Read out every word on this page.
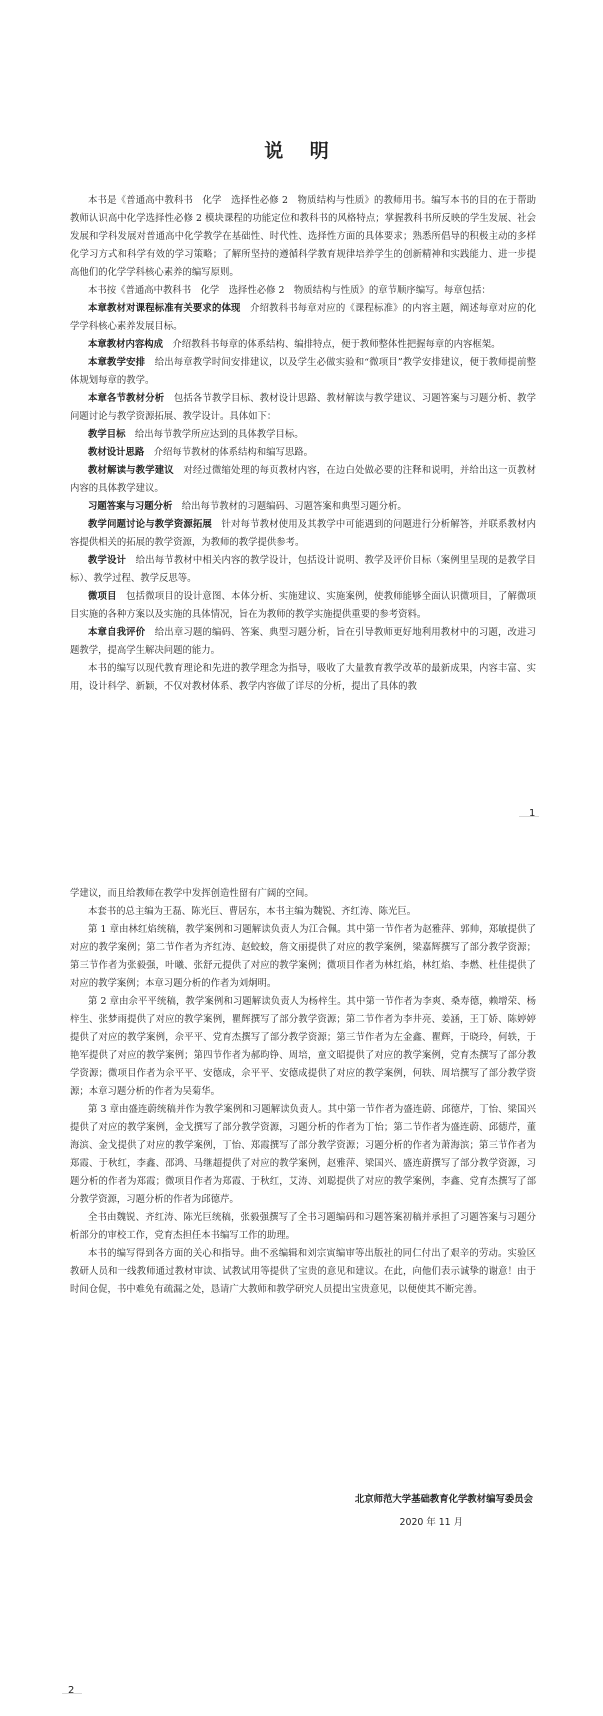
说 明

本书是《普通高中教科书　化学　选择性必修 2　物质结构与性质》的教师用书。编写本书的目的在于帮助教师认识高中化学选择性必修 2 模块课程的功能定位和教科书的风格特点；掌握教科书所反映的学生发展、社会发展和学科发展对普通高中化学教学在基础性、时代性、选择性方面的具体要求；熟悉所倡导的积极主动的多样化学习方式和科学有效的学习策略；了解所坚持的遵循科学教育规律培养学生的创新精神和实践能力、进一步提高他们的化学学科核心素养的编写原则。

本书按《普通高中教科书　化学　选择性必修 2　物质结构与性质》的章节顺序编写。每章包括：

本章教材对课程标准有关要求的体现　介绍教科书每章对应的《课程标准》的内容主题，阐述每章对应的化学学科核心素养发展目标。

本章教材内容构成　介绍教科书每章的体系结构、编排特点，便于教师整体性把握每章的内容框架。

本章教学安排　给出每章教学时间安排建议，以及学生必做实验和“微项目”教学安排建议，便于教师提前整体规划每章的教学。

本章各节教材分析　包括各节教学目标、教材设计思路、教材解读与教学建议、习题答案与习题分析、教学问题讨论与教学资源拓展、教学设计。具体如下：

教学目标　给出每节教学所应达到的具体教学目标。

教材设计思路　介绍每节教材的体系结构和编写思路。

教材解读与教学建议　对经过微缩处理的每页教材内容，在边白处做必要的注释和说明，并给出这一页教材内容的具体教学建议。

习题答案与习题分析　给出每节教材的习题编码、习题答案和典型习题分析。

教学问题讨论与教学资源拓展　针对每节教材使用及其教学中可能遇到的问题进行分析解答，并联系教材内容提供相关的拓展的教学资源，为教师的教学提供参考。

教学设计　给出每节教材中相关内容的教学设计，包括设计说明、教学及评价目标（案例里呈现的是教学目标）、教学过程、教学反思等。

微项目　包括微项目的设计意图、本体分析、实施建议、实施案例，使教师能够全面认识微项目，了解微项目实施的各种方案以及实施的具体情况，旨在为教师的教学实施提供重要的参考资料。

本章自我评价　给出章习题的编码、答案、典型习题分析，旨在引导教师更好地利用教材中的习题，改进习题教学，提高学生解决问题的能力。

本书的编写以现代教育理论和先进的教学理念为指导，吸收了大量教育教学改革的最新成果，内容丰富、实用，设计科学、新颖，不仅对教材体系、教学内容做了详尽的分析，提出了具体的教

1

学建议，而且给教师在教学中发挥创造性留有广阔的空间。

本套书的总主编为王磊、陈光巨、曹居东，本书主编为魏锐、齐红涛、陈光巨。

第 1 章由林红焰统稿，教学案例和习题解读负责人为江合佩。其中第一节作者为赵雅萍、郭帅，郑敏提供了对应的教学案例；第二节作者为齐红涛、赵蛟蛟，詹文丽提供了对应的教学案例，梁嘉辉撰写了部分教学资源；第三节作者为张毅强，叶曦、张舒元提供了对应的教学案例；微项目作者为林红焰，林红焰、李燃、杜佳提供了对应的教学案例；本章习题分析的作者为刘炯明。

第 2 章由佘平平统稿，教学案例和习题解读负责人为杨梓生。其中第一节作者为李爽、桑寿德，赖增荣、杨梓生、张梦雨提供了对应的教学案例，瞿辉撰写了部分教学资源；第二节作者为李井亮、姜涵，王丁娇、陈婷婷提供了对应的教学案例，佘平平、党育杰撰写了部分教学资源；第三节作者为左金鑫、瞿辉，于晓玲，何轶，于艳军提供了对应的教学案例；第四节作者为郝昀铮、周培，童文昭提供了对应的教学案例，党育杰撰写了部分教学资源；微项目作者为佘平平、安德成，佘平平、安德成提供了对应的教学案例，何轶、周培撰写了部分教学资源；本章习题分析的作者为吴菊华。

第 3 章由盛连蔚统稿并作为教学案例和习题解读负责人。其中第一节作者为盛连蔚、邱德芹，丁怡、梁国兴提供了对应的教学案例，金戈撰写了部分教学资源，习题分析的作者为丁怡；第二节作者为盛连蔚、邱德芹，董海滨、金戈提供了对应的教学案例，丁怡、郑霞撰写了部分教学资源；习题分析的作者为萧海滨；第三节作者为郑霞、于秋红，李鑫、邵鸿、马继超提供了对应的教学案例，赵雅萍、梁国兴、盛连蔚撰写了部分教学资源，习题分析的作者为郑霞；微项目作者为郑霞、于秋红，艾涛、刘聪提供了对应的教学案例，李鑫、党育杰撰写了部分教学资源，习题分析的作者为邱德芹。

全书由魏锐、齐红涛、陈光巨统稿，张毅强撰写了全书习题编码和习题答案初稿并承担了习题答案与习题分析部分的审校工作，党育杰担任本书编写工作的助理。

本书的编写得到各方面的关心和指导。曲不丞编辑和刘宗寅编审等出版社的同仁付出了艰辛的劳动。实验区教研人员和一线教师通过教材审读、试教试用等提供了宝贵的意见和建议。在此，向他们表示诚挚的谢意！由于时间仓促，书中难免有疏漏之处，恳请广大教师和教学研究人员提出宝贵意见，以便使其不断完善。

北京师范大学基础教育化学教材编写委员会
2020 年 11 月
2
